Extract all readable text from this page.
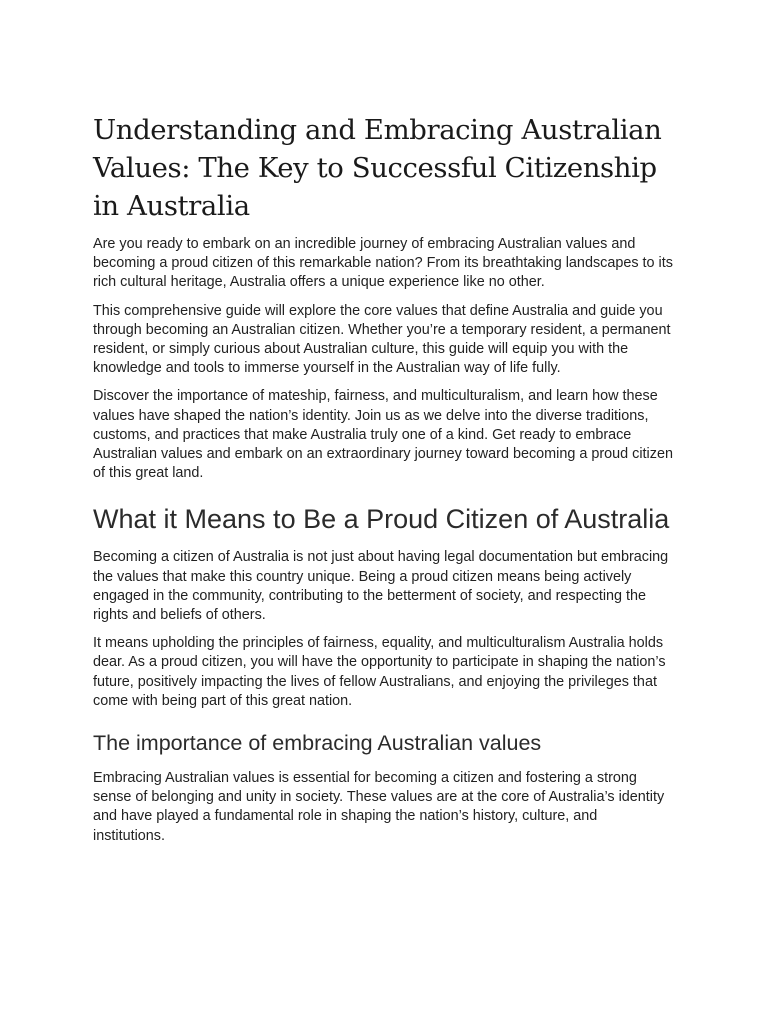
Understanding and Embracing Australian Values: The Key to Successful Citizenship in Australia

Are you ready to embark on an incredible journey of embracing Australian values and becoming a proud citizen of this remarkable nation? From its breathtaking landscapes to its rich cultural heritage, Australia offers a unique experience like no other.

This comprehensive guide will explore the core values that define Australia and guide you through becoming an Australian citizen. Whether you’re a temporary resident, a permanent resident, or simply curious about Australian culture, this guide will equip you with the knowledge and tools to immerse yourself in the Australian way of life fully.

Discover the importance of mateship, fairness, and multiculturalism, and learn how these values have shaped the nation’s identity. Join us as we delve into the diverse traditions, customs, and practices that make Australia truly one of a kind. Get ready to embrace Australian values and embark on an extraordinary journey toward becoming a proud citizen of this great land.

What it Means to Be a Proud Citizen of Australia

Becoming a citizen of Australia is not just about having legal documentation but embracing the values that make this country unique. Being a proud citizen means being actively engaged in the community, contributing to the betterment of society, and respecting the rights and beliefs of others.

It means upholding the principles of fairness, equality, and multiculturalism Australia holds dear. As a proud citizen, you will have the opportunity to participate in shaping the nation’s future, positively impacting the lives of fellow Australians, and enjoying the privileges that come with being part of this great nation.

The importance of embracing Australian values

Embracing Australian values is essential for becoming a citizen and fostering a strong sense of belonging and unity in society. These values are at the core of Australia’s identity and have played a fundamental role in shaping the nation’s history, culture, and institutions.
